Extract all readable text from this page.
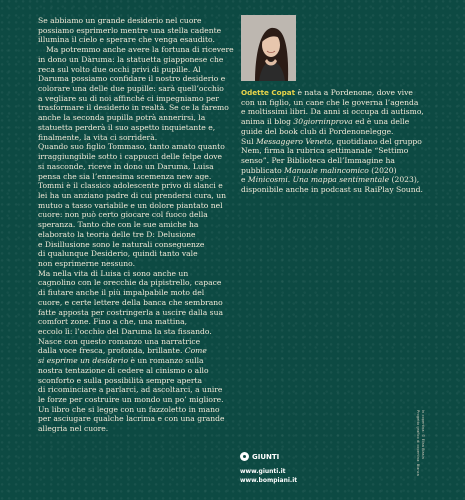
Se abbiamo un grande desiderio nel cuore

possiamo esprimerlo mentre una stella cadente

illumina il cielo e sperare che venga esaudito.

Ma potremmo anche avere la fortuna di ricevere

in dono un Dàruma: la statuetta giapponese che

reca sul volto due occhi privi di pupille. Al

Daruma possiamo confidare il nostro desiderio e

colorare una delle due pupille: sarà quell’occhio

a vegliare su di noi affinché ci impegniamo per

trasformare il desiderio in realtà. Se ce la faremo

anche la seconda pupilla potrà annerirsi, la

statuetta perderà il suo aspetto inquietante e,

finalmente, la vita ci sorriderà.

Quando suo figlio Tommaso, tanto amato quanto

irraggiungibile sotto i cappucci delle felpe dove

si nasconde, riceve in dono un Daruma, Luisa

pensa che sia l’ennesima scemenza new age.

Tommi è il classico adolescente privo di slanci e

lei ha un anziano padre di cui prendersi cura, un

mutuo a tasso variabile e un dolore piantato nel

cuore: non può certo giocare col fuoco della

speranza. Tanto che con le sue amiche ha

elaborato la teoria delle tre D: Delusione

e Disillusione sono le naturali conseguenze

di qualunque Desiderio, quindi tanto vale

non esprimerne nessuno.

Ma nella vita di Luisa ci sono anche un

cagnolino con le orecchie da pipistrello, capace

di fiutare anche il più impalpabile moto del

cuore, e certe lettere della banca che sembrano

fatte apposta per costringerla a uscire dalla sua

comfort zone. Fino a che, una mattina,

eccolo lì: l’occhio del Daruma la sta fissando.

Nasce con questo romanzo una narratrice

dalla voce fresca, profonda, brillante. Come

si esprime un desiderio è un romanzo sulla

nostra tentazione di cedere al cinismo o allo

sconforto e sulla possibilità sempre aperta

di ricominciare a parlarci, ad ascoltarci, a unire

le forze per costruire un mondo un po’ migliore.

Un libro che si legge con un fazzoletto in mano

per asciugare qualche lacrima e con una grande

allegria nel cuore.

Odette Copat è nata a Pordenone, dove vive

con un figlio, un cane che le governa l’agenda

e moltissimi libri. Da anni si occupa di autismo,

anima il blog 30giorninprova ed è una delle

guide del book club di Pordenonelegge.

Sul Messaggero Veneto, quotidiano del gruppo

Nem, firma la rubrica settimanale “Settimo

senso”. Per Biblioteca dell’Immagine ha

pubblicato Manuale malincomico (2020)

e Minicosmi. Una mappa sentimentale (2023),

disponibile anche in podcast su RaiPlay Sound.

GIUNTI
www.giunti.it
www.bompiani.it
In copertina: © Elisa Biasin
Progetto grafico di copertina: Bianca
